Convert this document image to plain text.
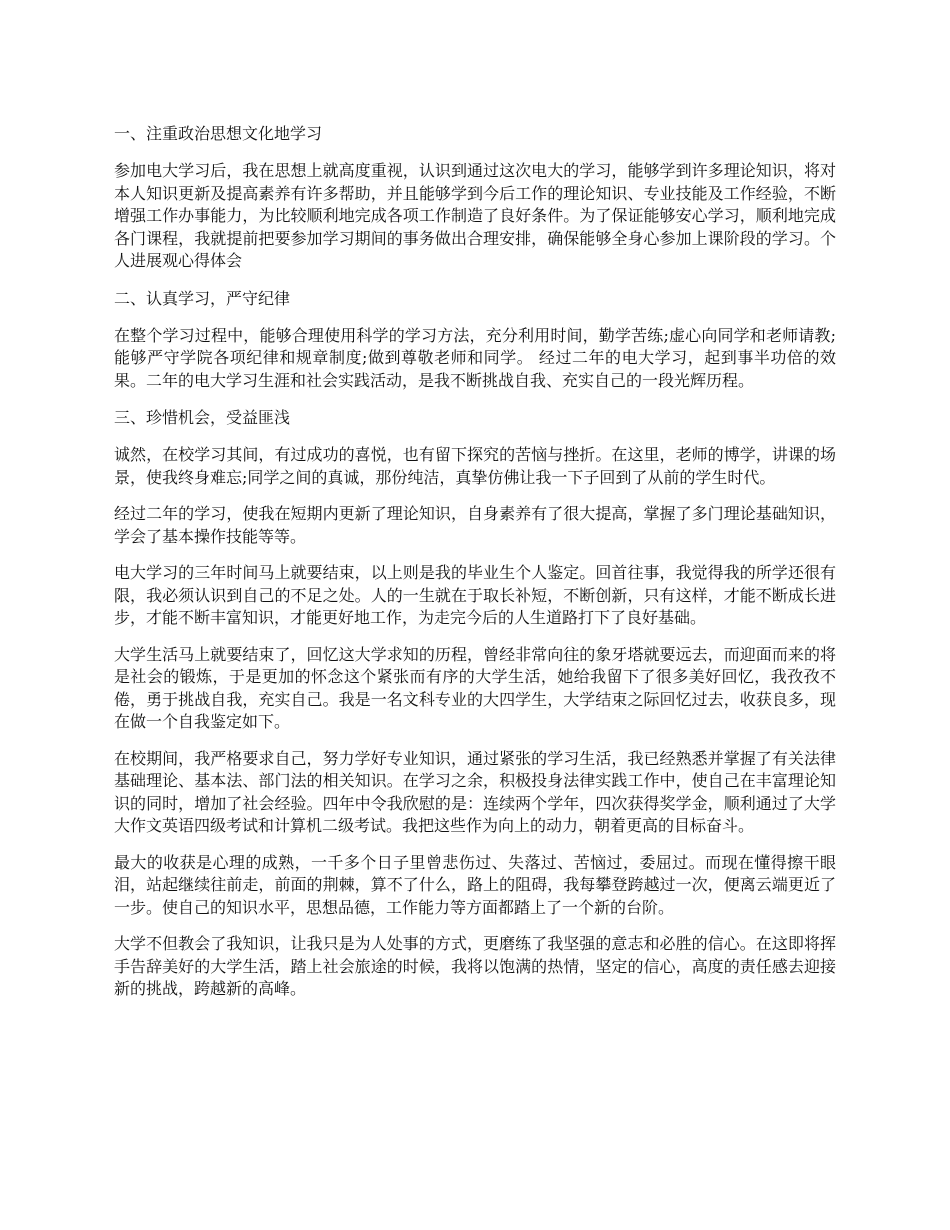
一、注重政治思想文化地学习
参加电大学习后，我在思想上就高度重视，认识到通过这次电大的学习，能够学到许多理论知识，将对本人知识更新及提高素养有许多帮助，并且能够学到今后工作的理论知识、专业技能及工作经验，不断增强工作办事能力，为比较顺利地完成各项工作制造了良好条件。为了保证能够安心学习，顺利地完成各门课程，我就提前把要参加学习期间的事务做出合理安排，确保能够全身心参加上课阶段的学习。个人进展观心得体会
二、认真学习，严守纪律
在整个学习过程中，能够合理使用科学的学习方法，充分利用时间，勤学苦练;虚心向同学和老师请教;能够严守学院各项纪律和规章制度;做到尊敬老师和同学。 经过二年的电大学习，起到事半功倍的效果。二年的电大学习生涯和社会实践活动，是我不断挑战自我、充实自己的一段光辉历程。
三、珍惜机会，受益匪浅
诚然，在校学习其间，有过成功的喜悦，也有留下探究的苦恼与挫折。在这里，老师的博学，讲课的场景，使我终身难忘;同学之间的真诚，那份纯洁，真挚仿佛让我一下子回到了从前的学生时代。
经过二年的学习，使我在短期内更新了理论知识，自身素养有了很大提高，掌握了多门理论基础知识，学会了基本操作技能等等。
电大学习的三年时间马上就要结束，以上则是我的毕业生个人鉴定。回首往事，我觉得我的所学还很有限，我必须认识到自己的不足之处。人的一生就在于取长补短，不断创新，只有这样，才能不断成长进步，才能不断丰富知识，才能更好地工作，为走完今后的人生道路打下了良好基础。
大学生活马上就要结束了，回忆这大学求知的历程，曾经非常向往的象牙塔就要远去，而迎面而来的将是社会的锻炼，于是更加的怀念这个紧张而有序的大学生活，她给我留下了很多美好回忆，我孜孜不倦，勇于挑战自我，充实自己。我是一名文科专业的大四学生，大学结束之际回忆过去，收获良多，现在做一个自我鉴定如下。
在校期间，我严格要求自己，努力学好专业知识，通过紧张的学习生活，我已经熟悉并掌握了有关法律基础理论、基本法、部门法的相关知识。在学习之余，积极投身法律实践工作中，使自己在丰富理论知识的同时，增加了社会经验。四年中令我欣慰的是：连续两个学年，四次获得奖学金，顺利通过了大学大作文英语四级考试和计算机二级考试。我把这些作为向上的动力，朝着更高的目标奋斗。
最大的收获是心理的成熟，一千多个日子里曾悲伤过、失落过、苦恼过，委屈过。而现在懂得擦干眼泪，站起继续往前走，前面的荆棘，算不了什么，路上的阻碍，我每攀登跨越过一次，便离云端更近了一步。使自己的知识水平，思想品德，工作能力等方面都踏上了一个新的台阶。
大学不但教会了我知识，让我只是为人处事的方式，更磨练了我坚强的意志和必胜的信心。在这即将挥手告辞美好的大学生活，踏上社会旅途的时候，我将以饱满的热情，坚定的信心，高度的责任感去迎接新的挑战，跨越新的高峰。
